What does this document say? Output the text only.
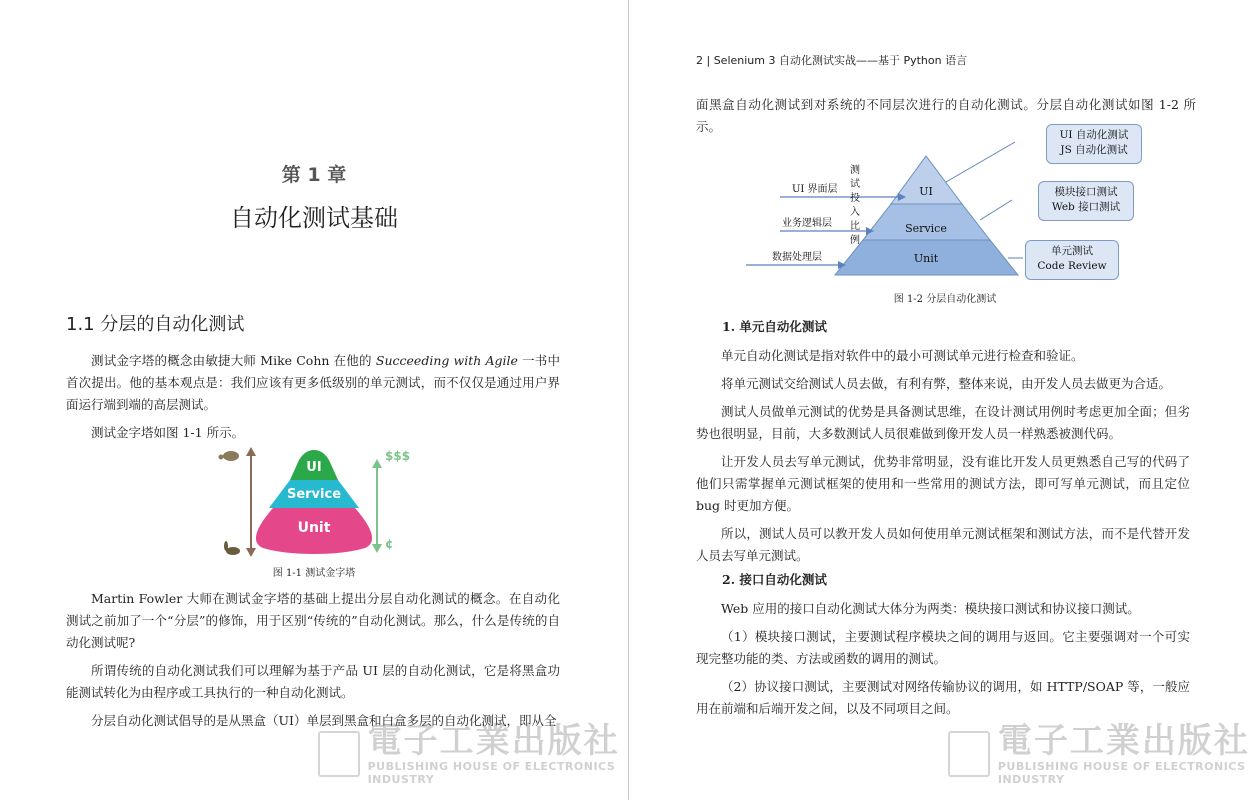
第 1 章
自动化测试基础
1.1 分层的自动化测试

测试金字塔的概念由敏捷大师 Mike Cohn 在他的 Succeeding with Agile 一书中首次提出。他的基本观点是：我们应该有更多低级别的单元测试，而不仅仅是通过用户界面运行端到端的高层测试。

测试金字塔如图 1-1 所示。

UI
Service
Unit
$$$
¢
图 1-1 测试金字塔

Martin Fowler 大师在测试金字塔的基础上提出分层自动化测试的概念。在自动化测试之前加了一个“分层”的修饰，用于区别“传统的”自动化测试。那么，什么是传统的自动化测试呢?

所谓传统的自动化测试我们可以理解为基于产品 UI 层的自动化测试，它是将黑盒功能测试转化为由程序或工具执行的一种自动化测试。

分层自动化测试倡导的是从黑盒（UI）单层到黑盒和白盒多层的自动化测试，即从全

電子工業出版社
PUBLISHING HOUSE OF ELECTRONICS INDUSTRY
2 | Selenium 3 自动化测试实战——基于 Python 语言

面黑盒自动化测试到对系统的不同层次进行的自动化测试。分层自动化测试如图 1-2 所示。

UI
Service
Unit
UI 界面层
业务逻辑层
数据处理层
测
试
投
入
比
例
UI 自动化测试
JS 自动化测试
模块接口测试
Web 接口测试
单元测试
Code Review
图 1-2 分层自动化测试
1. 单元自动化测试

单元自动化测试是指对软件中的最小可测试单元进行检查和验证。

将单元测试交给测试人员去做，有利有弊，整体来说，由开发人员去做更为合适。

测试人员做单元测试的优势是具备测试思维，在设计测试用例时考虑更加全面；但劣势也很明显，目前，大多数测试人员很难做到像开发人员一样熟悉被测代码。

让开发人员去写单元测试，优势非常明显，没有谁比开发人员更熟悉自己写的代码了他们只需掌握单元测试框架的使用和一些常用的测试方法，即可写单元测试，而且定位 bug 时更加方便。

所以，测试人员可以教开发人员如何使用单元测试框架和测试方法，而不是代替开发人员去写单元测试。

2. 接口自动化测试

Web 应用的接口自动化测试大体分为两类：模块接口测试和协议接口测试。

（1）模块接口测试，主要测试程序模块之间的调用与返回。它主要强调对一个可实现完整功能的类、方法或函数的调用的测试。

（2）协议接口测试，主要测试对网络传输协议的调用，如 HTTP/SOAP 等，一般应用在前端和后端开发之间，以及不同项目之间。

電子工業出版社
PUBLISHING HOUSE OF ELECTRONICS INDUSTRY
